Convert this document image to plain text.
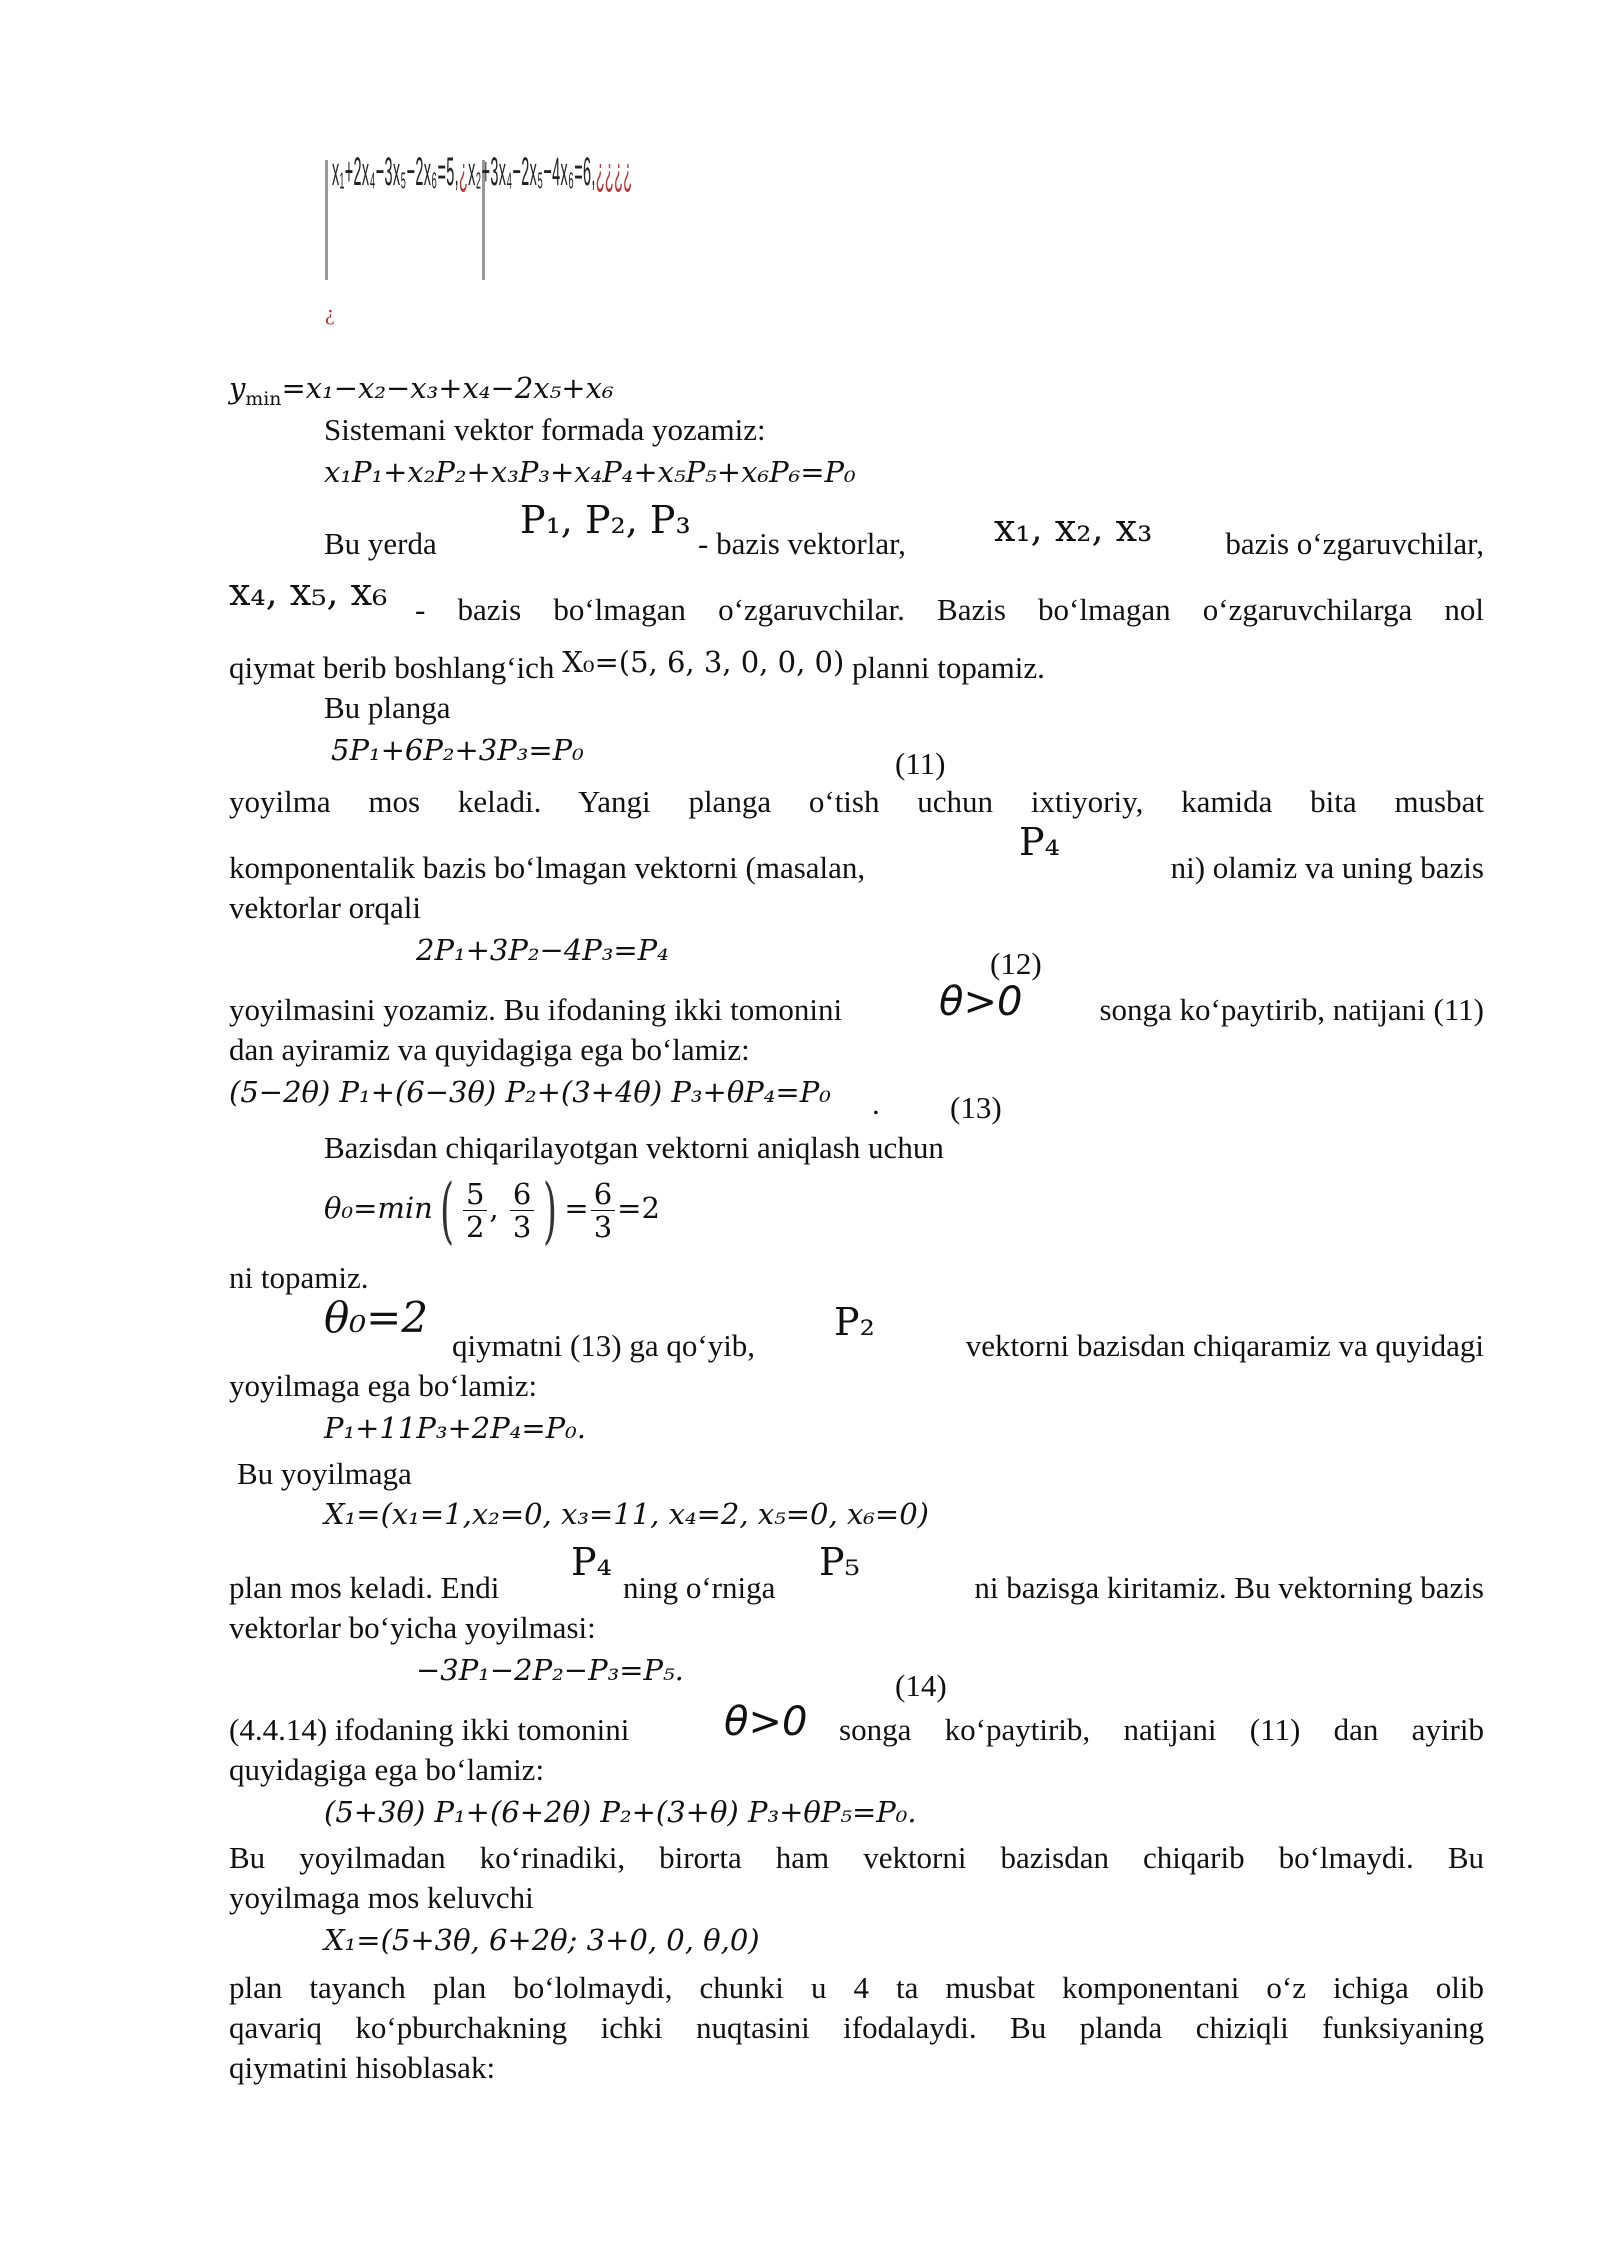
x₁+2x₄−3x₅−2x₆=5,¿x₂+3x₄−2x₅−4x₆=6,¿¿¿¿
¿
$y_{min}=x_1-x_2-x_3+x_4-2x_5+x_6$
Sistemani vektor formada yozamiz:
x₁P₁+x₂P₂+x₃P₃+x₄P₄+x₅P₅+x₆P₆=P₀
Bu yerda
P₁, P₂, P₃
- bazis vektorlar, x₁, x₂, x₃	bazis o‘zgaruvchilar,
x₄, x₅, x₆ - bazis bo‘lmagan o‘zgaruvchilar. Bazis bo‘lmagan o‘zgaruvchilarga nol
qiymat berib boshlang‘ich X₀=(5, 6, 3, 0, 0, 0) planni topamiz.
Bu planga
5P₁+6P₂+3P₃=P₀	(11)
yoyilma mos keladi. Yangi planga o‘tish uchun ixtiyoriy, kamida bita musbat
komponentalik bazis bo‘lmagan vektorni (masalan,
P₄
ni) olamiz va uning bazis
vektorlar orqali
2P₁+3P₂−4P₃=P₄	(12)
yoyilmasini yozamiz. Bu ifodaning ikki tomonini θ>0	songa ko‘paytirib, natijani (11)
dan ayiramiz va quyidagiga ega bo‘lamiz:
(5−2θ) P₁+(6−3θ) P₂+(3+4θ) P₃+θP₄=P₀ . (13)
Bazisdan chiqarilayotgan vektorni aniqlash uchun
$\theta_0=\min( \frac{5}{2}$ , $\frac{6}{3}$ ) = $\frac{6}{3} =2$
ni topamiz.
θ₀=2
qiymatni (13) ga qo‘yib,
P₂
vektorni bazisdan chiqaramiz va quyidagi
yoyilmaga ega bo‘lamiz:
P₁+11P₃+2P₄=P₀.
Bu yoyilmaga
X₁=(x₁=1,x₂=0, x₃=11, x₄=2, x₅=0, x₆=0)
plan mos keladi. Endi
P₄
ning o‘rniga
P₅
ni bazisga kiritamiz. Bu vektorning bazis
vektorlar bo‘yicha yoyilmasi:
−3P₁−2P₂−P₃=P₅.	(14)
(4.4.14) ifodaning ikki tomonini θ>0 songa ko‘paytirib, natijani (11) dan ayirib
quyidagiga ega bo‘lamiz:
(5+3θ) P₁+(6+2θ) P₂+(3+θ) P₃+θP₅=P₀.
Bu yoyilmadan ko‘rinadiki, birorta ham vektorni bazisdan chiqarib bo‘lmaydi. Bu
yoyilmaga mos keluvchi
X₁=(5+3θ, 6+2θ; 3+0, 0, θ,0)
plan tayanch plan bo‘lolmaydi, chunki u 4 ta musbat komponentani o‘z ichiga olib
qavariq ko‘pburchakning ichki nuqtasini ifodalaydi. Bu planda chiziqli funksiyaning
qiymatini hisoblasak:
